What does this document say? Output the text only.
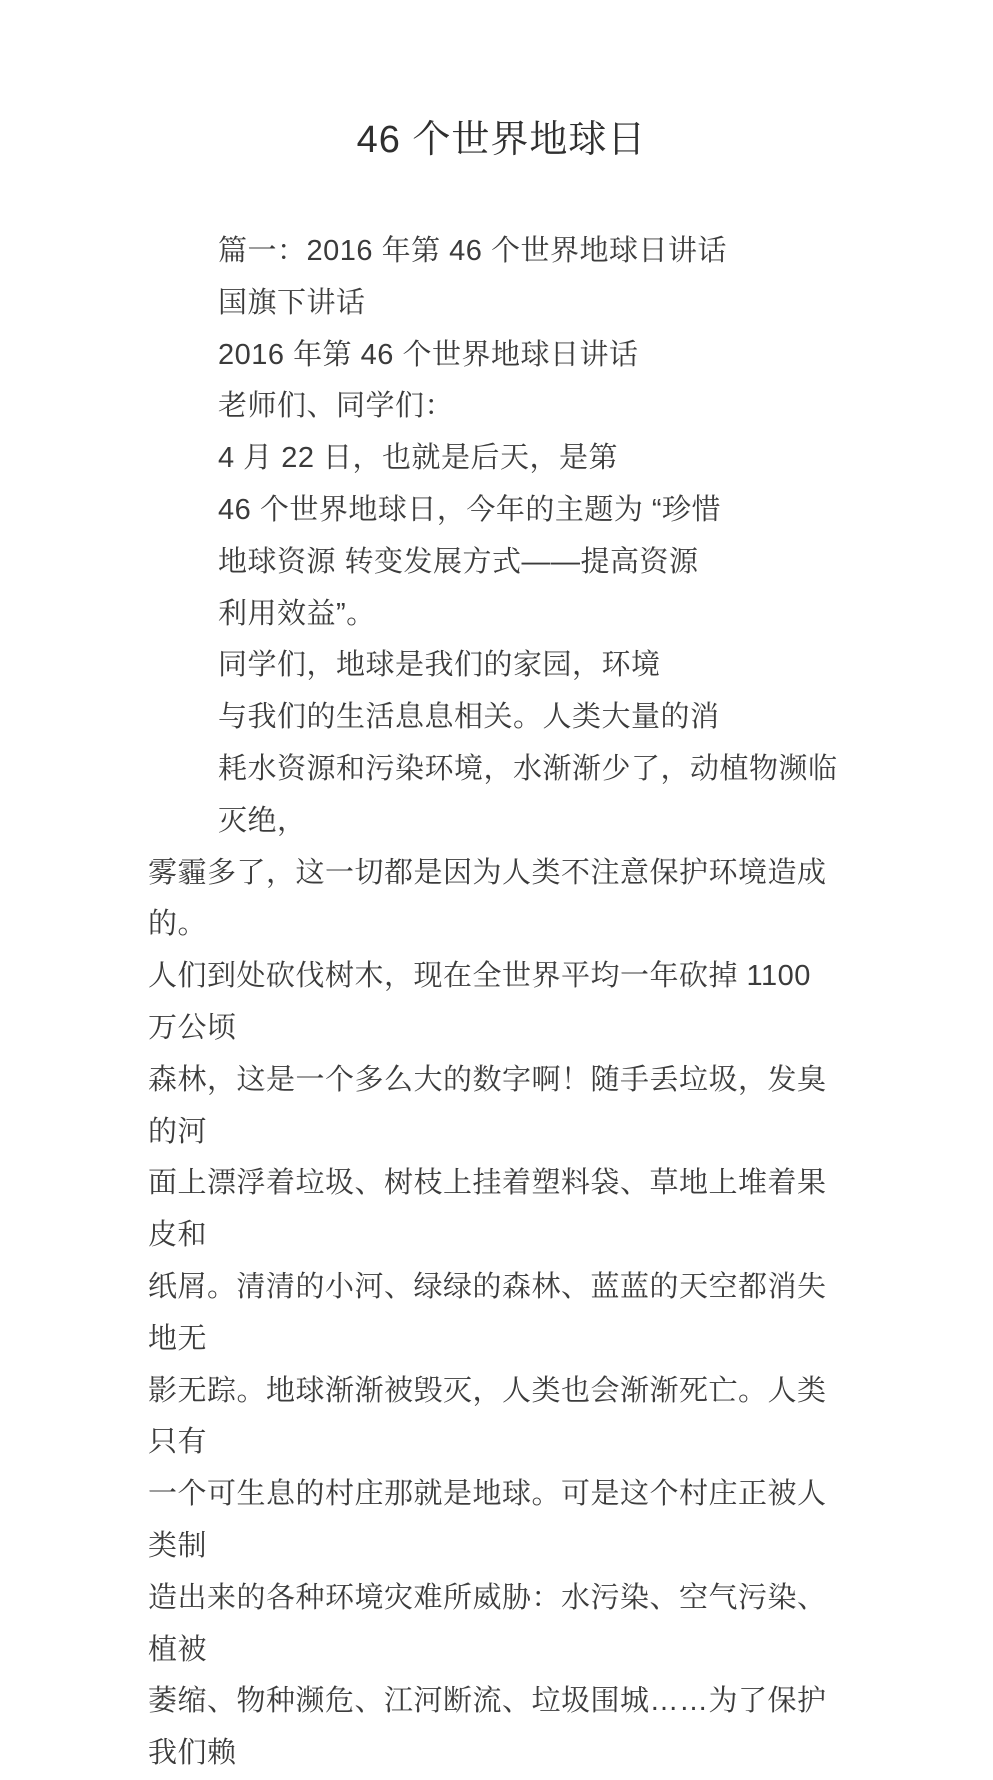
46 个世界地球日

篇一：2016 年第 46 个世界地球日讲话

国旗下讲话

2016 年第 46 个世界地球日讲话

老师们、同学们：

4 月 22 日，也就是后天，是第

46 个世界地球日，今年的主题为 “珍惜

地球资源 转变发展方式——提高资源

利用效益”。

同学们，地球是我们的家园，环境

与我们的生活息息相关。人类大量的消

耗水资源和污染环境，水渐渐少了，动植物濒临灭绝，

雾霾多了，这一切都是因为人类不注意保护环境造成的。

人们到处砍伐树木，现在全世界平均一年砍掉 1100  万公顷

森林，这是一个多么大的数字啊！随手丢垃圾，发臭的河

面上漂浮着垃圾、树枝上挂着塑料袋、草地上堆着果皮和

纸屑。清清的小河、绿绿的森林、蓝蓝的天空都消失地无

影无踪。地球渐渐被毁灭，人类也会渐渐死亡。人类只有

一个可生息的村庄那就是地球。可是这个村庄正被人类制

造出来的各种环境灾难所威胁：水污染、空气污染、植被

萎缩、物种濒危、江河断流、垃圾围城……为了保护我们赖
